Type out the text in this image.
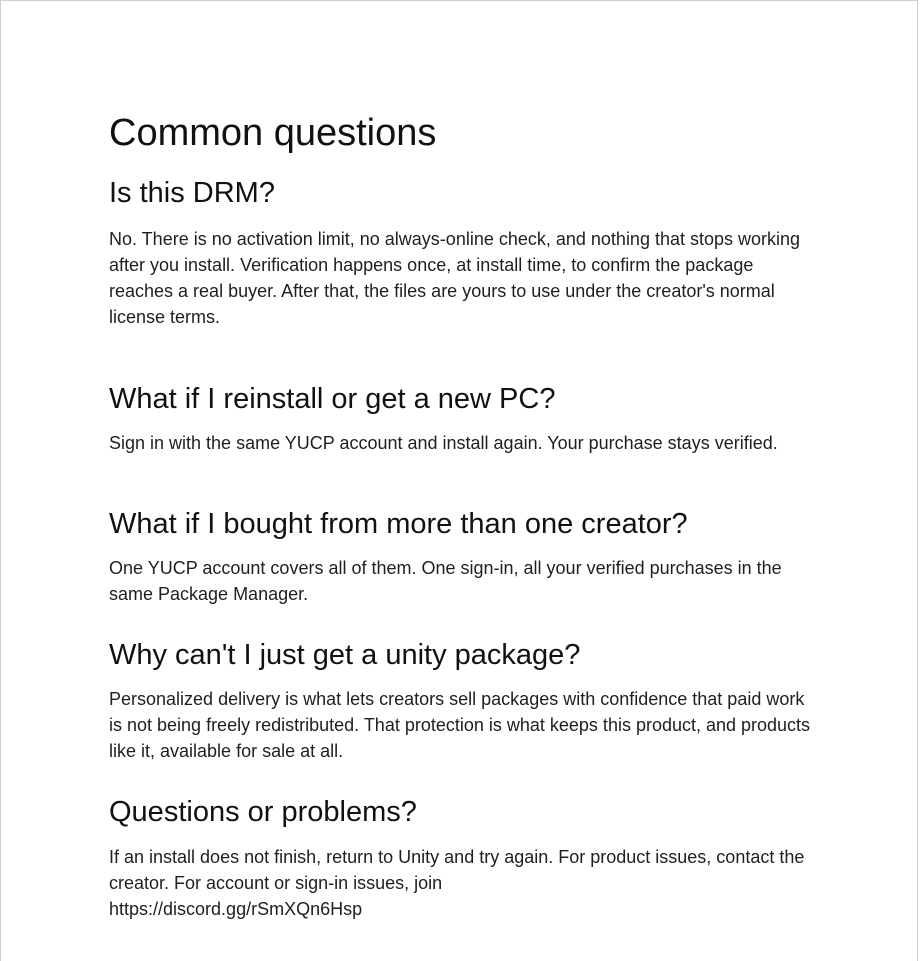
Common questions
Is this DRM?

No. There is no activation limit, no always-online check, and nothing that stops working after you install. Verification happens once, at install time, to confirm the package reaches a real buyer. After that, the files are yours to use under the creator's normal license terms.

What if I reinstall or get a new PC?

Sign in with the same YUCP account and install again. Your purchase stays verified.

What if I bought from more than one creator?

One YUCP account covers all of them. One sign-in, all your verified purchases in the same Package Manager.

Why can't I just get a unity package?

Personalized delivery is what lets creators sell packages with confidence that paid work is not being freely redistributed. That protection is what keeps this product, and products like it, available for sale at all.

Questions or problems?

If an install does not finish, return to Unity and try again. For product issues, contact the creator. For account or sign-in issues, join
https://discord.gg/rSmXQn6Hsp
